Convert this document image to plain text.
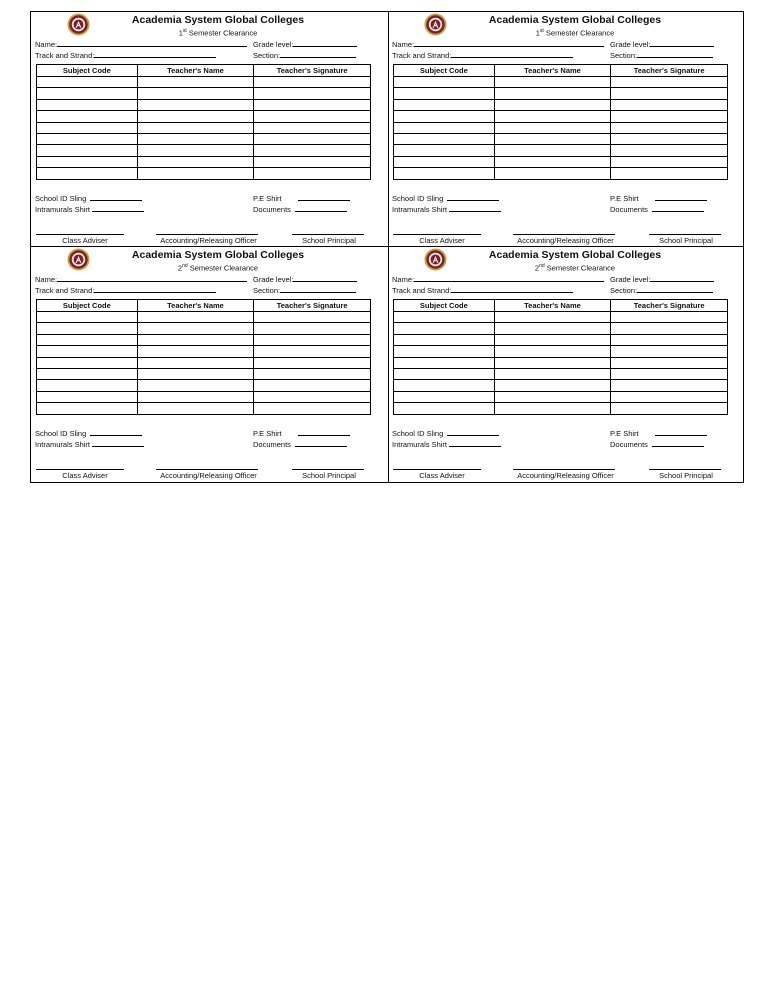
Academia System Global Colleges
1st Semester Clearance
Name:	Grade level:
Track and Strand:	Section:
Subject Code	Teacher's Name	Teacher's Signature

School ID Sling
Intramurals Shirt
P.E Shirt
Documents
Class Adviser	Accounting/Releasing Officer	School Principal
Academia System Global Colleges
1st Semester Clearance
Name:	Grade level:
Track and Strand:	Section:
Subject Code	Teacher's Name	Teacher's Signature

School ID Sling
Intramurals Shirt
P.E Shirt
Documents
Class Adviser	Accounting/Releasing Officer	School Principal
Academia System Global Colleges
2nd Semester Clearance
Name:	Grade level:
Track and Strand:	Section:
Subject Code	Teacher's Name	Teacher's Signature

School ID Sling
Intramurals Shirt
P.E Shirt
Documents
Class Adviser	Accounting/Releasing Officer	School Principal
Academia System Global Colleges
2nd Semester Clearance
Name:	Grade level:
Track and Strand:	Section:
Subject Code	Teacher's Name	Teacher's Signature

School ID Sling
Intramurals Shirt
P.E Shirt
Documents
Class Adviser	Accounting/Releasing Officer	School Principal
